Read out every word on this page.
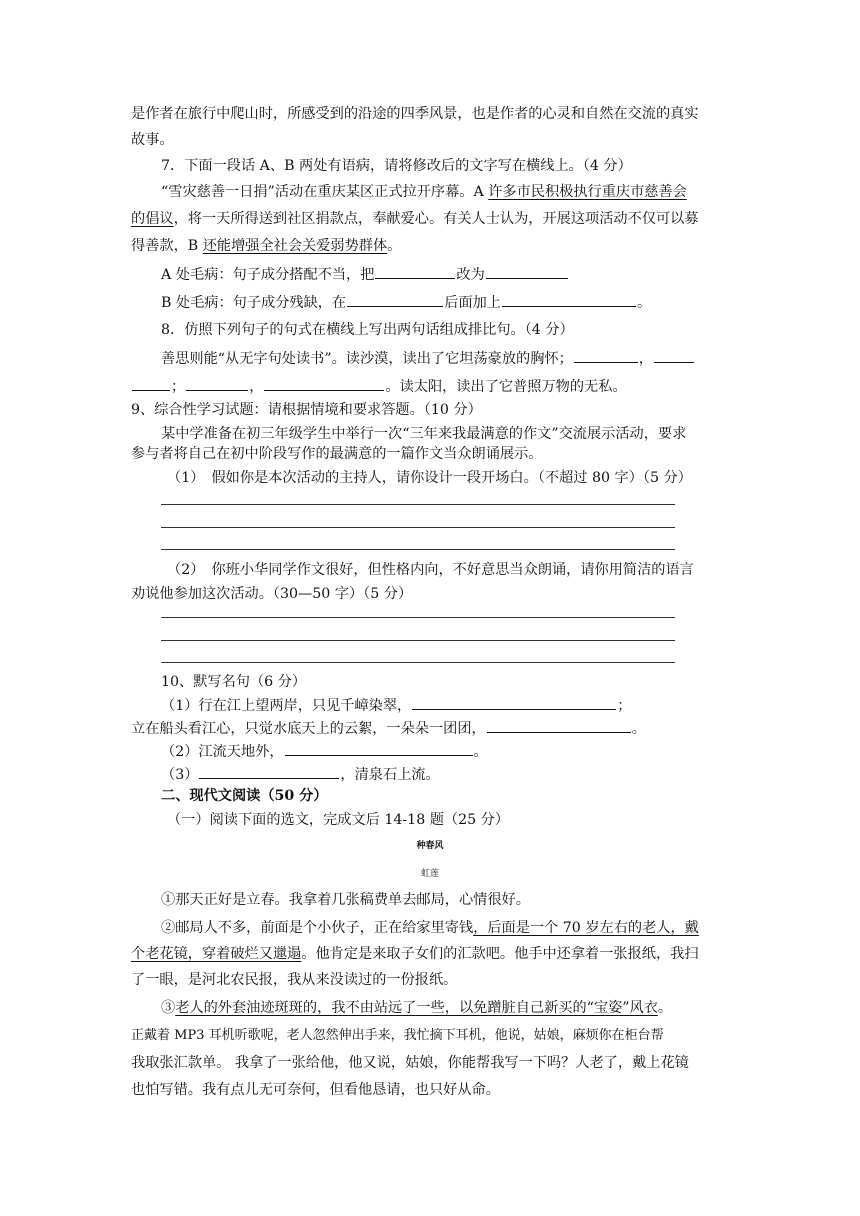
是作者在旅行中爬山时，所感受到的沿途的四季风景，也是作者的心灵和自然在交流的真实
故事。
7．下面一段话 A、B 两处有语病，请将修改后的文字写在横线上。（4 分）
“雪灾慈善一日捐”活动在重庆某区正式拉开序幕。A 许多市民积极执行重庆市慈善会
的倡议，将一天所得送到社区捐款点，奉献爱心。有关人士认为，开展这项活动不仅可以募
得善款，B 还能增强全社会关爱弱势群体。
A 处毛病：句子成分搭配不当，把	改为
B 处毛病：句子成分残缺，在	后面加上	。
8．仿照下列句子的句式在横线上写出两句话组成排比句。（4 分）
善思则能“从无字句处读书”。读沙漠，读出了它坦荡豪放的胸怀；	，
；	，	。读太阳，读出了它普照万物的无私。
9、综合性学习试题：请根据情境和要求答题。（10 分）
某中学准备在初三年级学生中举行一次“三年来我最满意的作文”交流展示活动，要求
参与者将自己在初中阶段写作的最满意的一篇作文当众朗诵展示。
（1）　假如你是本次活动的主持人，请你设计一段开场白。（不超过 80 字）（5 分）
（2）　你班小华同学作文很好，但性格内向，不好意思当众朗诵，请你用简洁的语言
劝说他参加这次活动。（30—50 字）（5 分）
10、默写名句（6 分）
（1）行在江上望两岸，只见千嶂染翠，	；
立在船头看江心，只觉水底天上的云絮，一朵朵一团团，	。
（2）江流天地外，	。
（3）	，清泉石上流。
二、现代文阅读（50 分）
（一）阅读下面的选文，完成文后 14-18 题（25 分）
种春风
虹莲
①那天正好是立春。我拿着几张稿费单去邮局，心情很好。
②邮局人不多，前面是个小伙子，正在给家里寄钱，后面是一个 70 岁左右的老人，戴
个老花镜，穿着破烂又邋遢。他肯定是来取子女们的汇款吧。他手中还拿着一张报纸，我扫
了一眼，是河北农民报，我从来没读过的一份报纸。
③老人的外套油迹斑斑的，我不由站远了一些，以免蹭脏自己新买的“宝姿”风衣。
正戴着 MP3 耳机听歌呢，老人忽然伸出手来，我忙摘下耳机，他说，姑娘，麻烦你在柜台帮
我取张汇款单。 我拿了一张给他，他又说，姑娘，你能帮我写一下吗？人老了，戴上花镜
也怕写错。我有点儿无可奈何，但看他恳请，也只好从命。
